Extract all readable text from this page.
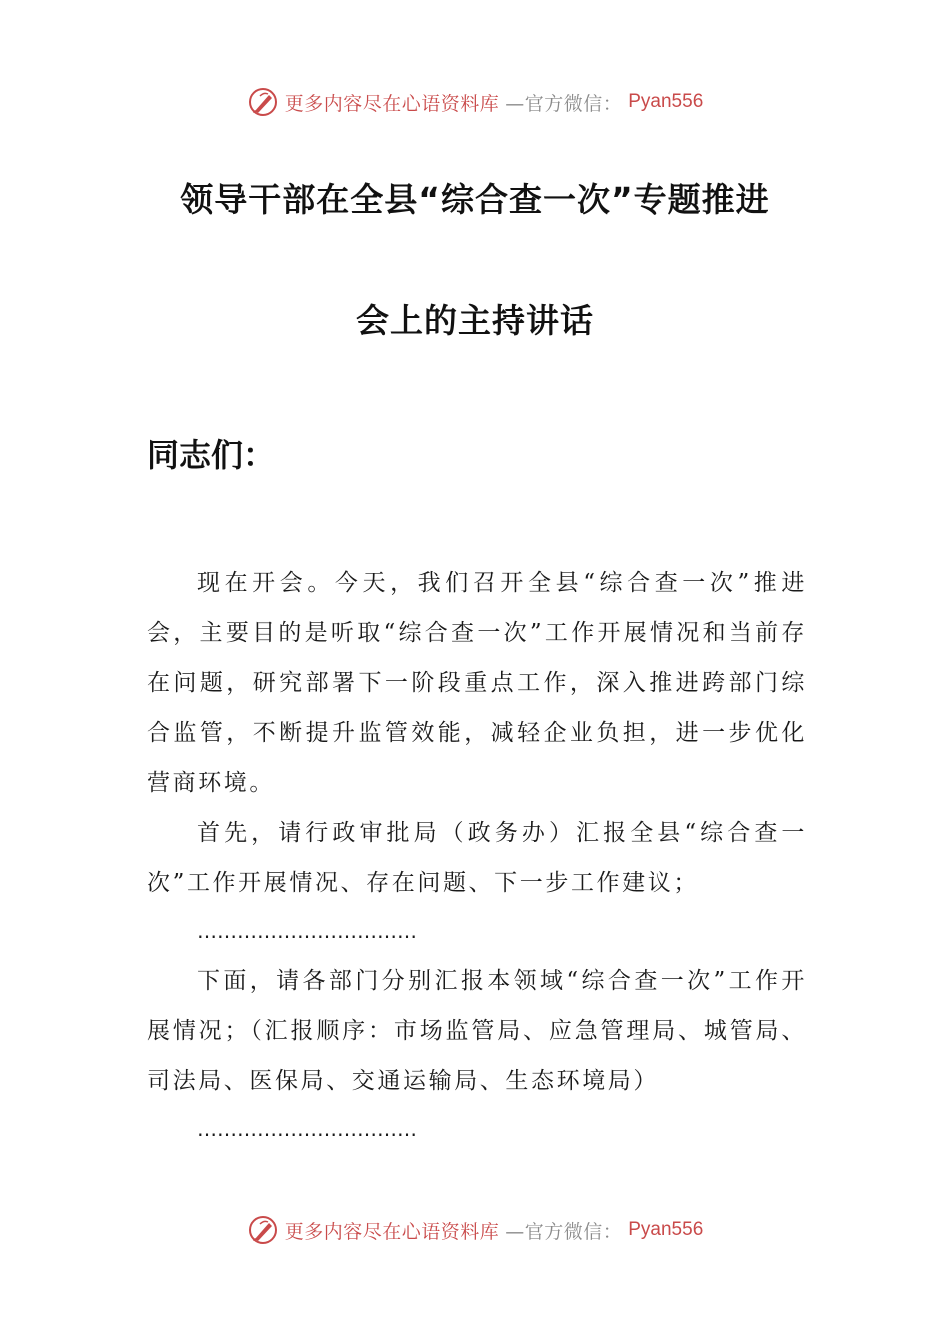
更多内容尽在心语资料库 —官方微信： Pyan556
领导干部在全县“综合查一次”专题推进
会上的主持讲话
同志们：

现在开会。今天，我们召开全县“综合查一次”推进会，主要目的是听取“综合查一次”工作开展情况和当前存在问题，研究部署下一阶段重点工作，深入推进跨部门综合监管，不断提升监管效能，减轻企业负担，进一步优化营商环境。

首先，请行政审批局（政务办）汇报全县“综合查一次”工作开展情况、存在问题、下一步工作建议；

……………………………

下面，请各部门分别汇报本领域“综合查一次”工作开展情况；（汇报顺序：市场监管局、应急管理局、城管局、司法局、医保局、交通运输局、生态环境局）

……………………………
更多内容尽在心语资料库 —官方微信： Pyan556
